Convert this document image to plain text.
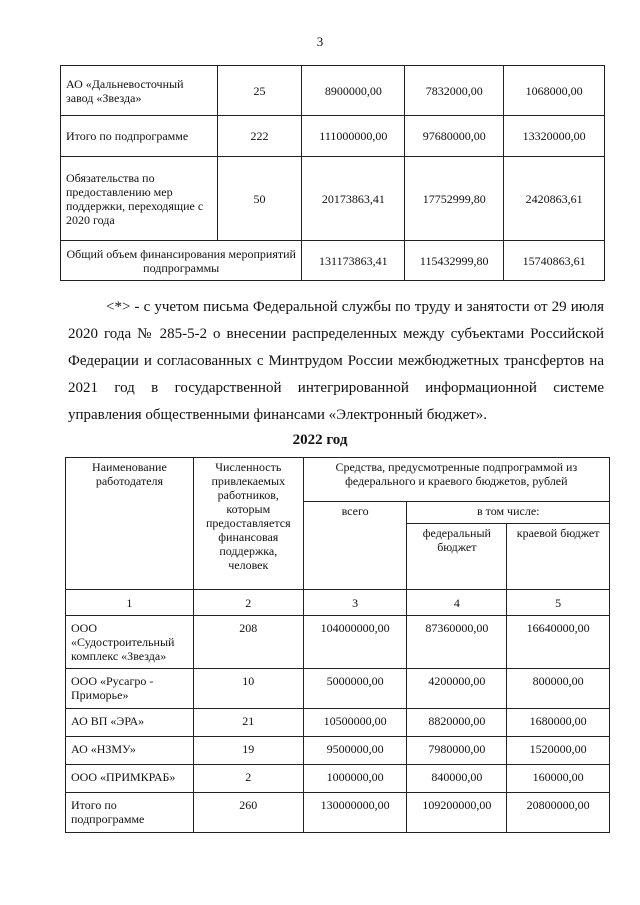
3
АО «Дальневосточный завод «Звезда»	25	8900000,00	7832000,00	1068000,00
Итого по подпрограмме	222	111000000,00	97680000,00	13320000,00
Обязательства по предоставлению мер поддержки, переходящие с 2020 года	50	20173863,41	17752999,80	2420863,61
Общий объем финансирования мероприятий подпрограммы		131173863,41	115432999,80	15740863,61

<*> - с учетом письма Федеральной службы по труду и занятости от 29 июля 2020 года № 285-5-2 о внесении распределенных между субъектами Российской Федерации и согласованных с Минтрудом России межбюджетных трансфертов на 2021 год в государственной интегрированной информационной системе управления общественными финансами «Электронный бюджет».

2022 год
Наименование работодателя	Численность привлекаемых работников, которым предоставляется финансовая поддержка, человек	Средства, предусмотренные подпрограммой из федерального и краевого бюджетов, рублей		
		всего	в том числе:	
			федеральный бюджет	краевой бюджет
1	2	3	4	5
ООО «Судостроительный комплекс «Звезда»	208	104000000,00	87360000,00	16640000,00
ООО «Русагро - Приморье»	10	5000000,00	4200000,00	800000,00
АО ВП «ЭРА»	21	10500000,00	8820000,00	1680000,00
АО «НЗМУ»	19	9500000,00	7980000,00	1520000,00
ООО «ПРИМКРАБ»	2	1000000,00	840000,00	160000,00
Итого по подпрограмме	260	130000000,00	109200000,00	20800000,00
